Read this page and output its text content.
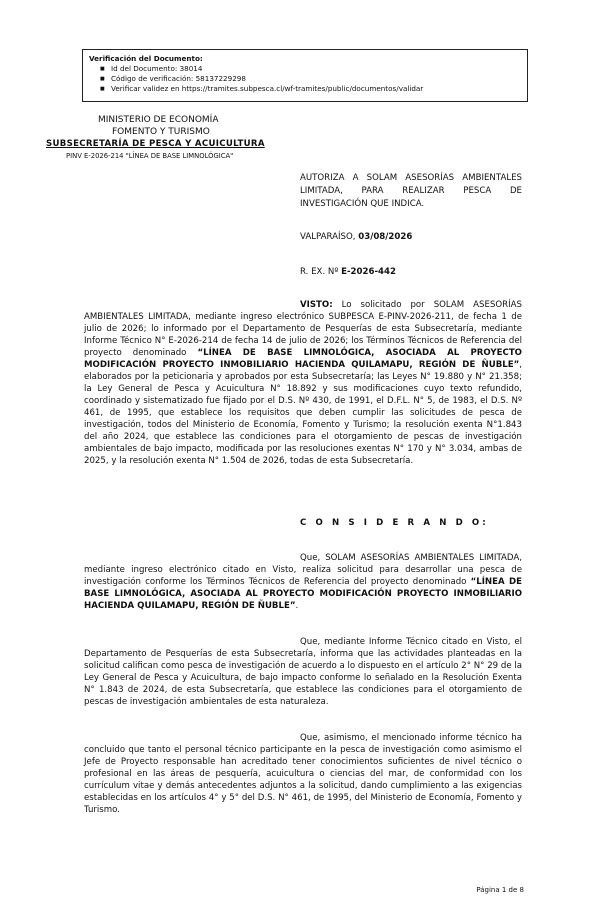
Verificación del Documento:
■ Id del Documento: 38014
■ Código de verificación: 58137229298
■ Verificar validez en https://tramites.subpesca.cl/wf-tramites/public/documentos/validar
MINISTERIO DE ECONOMÍA
FOMENTO Y TURISMO
SUBSECRETARÍA DE PESCA Y ACUICULTURA
PINV E-2026-214 "LÍNEA DE BASE LIMNOLÓGICA"
AUTORIZA A SOLAM ASESORÍAS AMBIENTALES LIMITADA, PARA REALIZAR PESCA DE INVESTIGACIÓN QUE INDICA.
VALPARAÍSO, 03/08/2026
R. EX. Nº E-2026-442
VISTO: Lo solicitado por SOLAM ASESORÍAS AMBIENTALES LIMITADA, mediante ingreso electrónico SUBPESCA E-PINV-2026-211, de fecha 1 de julio de 2026; lo informado por el Departamento de Pesquerías de esta Subsecretaría, mediante Informe Técnico N° E-2026-214 de fecha 14 de julio de 2026; los Términos Técnicos de Referencia del proyecto denominado “LÍNEA DE BASE LIMNOLÓGICA, ASOCIADA AL PROYECTO MODIFICACIÓN PROYECTO INMOBILIARIO HACIENDA QUILAMAPU, REGIÓN DE ÑUBLE”, elaborados por la peticionaria y aprobados por esta Subsecretaría; las Leyes N° 19.880 y N° 21.358; la Ley General de Pesca y Acuicultura N° 18.892 y sus modificaciones cuyo texto refundido, coordinado y sistematizado fue fijado por el D.S. Nº 430, de 1991, el D.F.L. N° 5, de 1983, el D.S. Nº 461, de 1995, que establece los requisitos que deben cumplir las solicitudes de pesca de investigación, todos del Ministerio de Economía, Fomento y Turismo; la resolución exenta N°1.843 del año 2024, que establece las condiciones para el otorgamiento de pescas de investigación ambientales de bajo impacto, modificada por las resoluciones exentas N° 170 y N° 3.034, ambas de 2025, y la resolución exenta N° 1.504 de 2026, todas de esta Subsecretaría.
C O N S I D E R A N D O:
Que, SOLAM ASESORÍAS AMBIENTALES LIMITADA, mediante ingreso electrónico citado en Visto, realiza solicitud para desarrollar una pesca de investigación conforme los Términos Técnicos de Referencia del proyecto denominado “LÍNEA DE BASE LIMNOLÓGICA, ASOCIADA AL PROYECTO MODIFICACIÓN PROYECTO INMOBILIARIO HACIENDA QUILAMAPU, REGIÓN DE ÑUBLE”.
Que, mediante Informe Técnico citado en Visto, el Departamento de Pesquerías de esta Subsecretaría, informa que las actividades planteadas en la solicitud califican como pesca de investigación de acuerdo a lo dispuesto en el artículo 2° N° 29 de la Ley General de Pesca y Acuicultura, de bajo impacto conforme lo señalado en la Resolución Exenta N° 1.843 de 2024, de esta Subsecretaría, que establece las condiciones para el otorgamiento de pescas de investigación ambientales de esta naturaleza.
Que, asimismo, el mencionado informe técnico ha concluido que tanto el personal técnico participante en la pesca de investigación como asimismo el Jefe de Proyecto responsable han acreditado tener conocimientos suficientes de nivel técnico o profesional en las áreas de pesquería, acuicultura o ciencias del mar, de conformidad con los currículum vitae y demás antecedentes adjuntos a la solicitud, dando cumplimiento a las exigencias establecidas en los artículos 4° y 5° del D.S. N° 461, de 1995, del Ministerio de Economía, Fomento y Turismo.
Página 1 de 8
